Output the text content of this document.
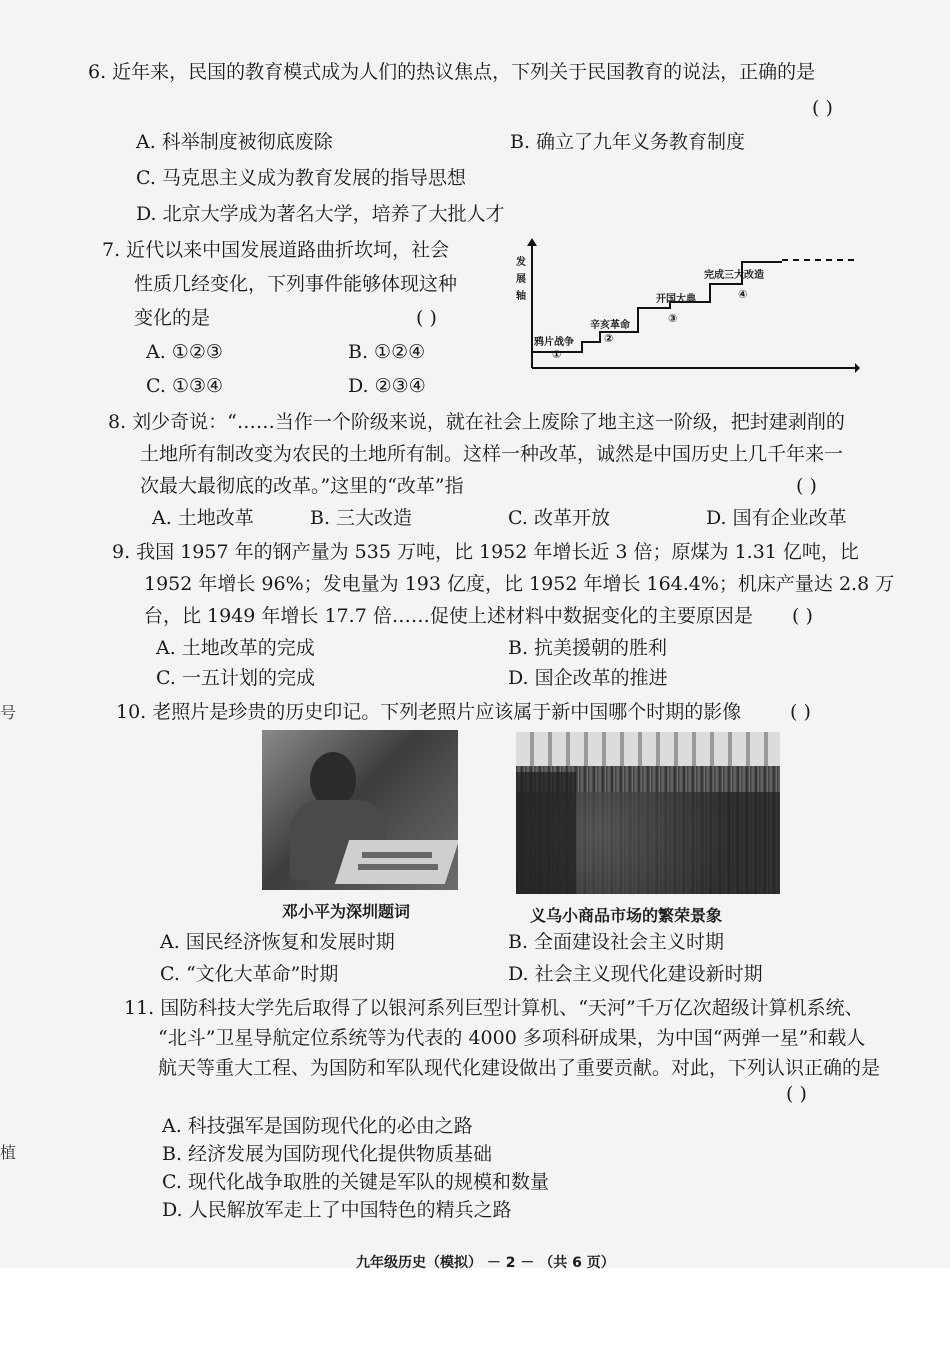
6. 近年来，民国的教育模式成为人们的热议焦点，下列关于民国教育的说法，正确的是
( )
A. 科举制度被彻底废除	B. 确立了九年义务教育制度
C. 马克思主义成为教育发展的指导思想
D. 北京大学成为著名大学，培养了大批人才
7. 近代以来中国发展道路曲折坎坷，社会
性质几经变化，下列事件能够体现这种
变化的是	( )
A. ①②③	B. ①②④
C. ①③④	D. ②③④
发展轴
鸦片战争
①
辛亥革命
②
开国大典
③
完成三大改造
④
8. 刘少奇说：“……当作一个阶级来说，就在社会上废除了地主这一阶级，把封建剥削的
土地所有制改变为农民的土地所有制。这样一种改革，诚然是中国历史上几千年来一
次最大最彻底的改革。”这里的“改革”指	( )
A. 土地改革	B. 三大改造	C. 改革开放	D. 国有企业改革
9. 我国 1957 年的钢产量为 535 万吨，比 1952 年增长近 3 倍；原煤为 1.31 亿吨，比
1952 年增长 96%；发电量为 193 亿度，比 1952 年增长 164.4%；机床产量达 2.8 万
台，比 1949 年增长 17.7 倍……促使上述材料中数据变化的主要原因是 ( )
A. 土地改革的完成	B. 抗美援朝的胜利
C. 一五计划的完成	D. 国企改革的推进
10. 老照片是珍贵的历史印记。下列老照片应该属于新中国哪个时期的影像	( )
邓小平为深圳题词	义乌小商品市场的繁荣景象
A. 国民经济恢复和发展时期	B. 全面建设社会主义时期
C. “文化大革命”时期	D. 社会主义现代化建设新时期
11. 国防科技大学先后取得了以银河系列巨型计算机、“天河”千万亿次超级计算机系统、
“北斗”卫星导航定位系统等为代表的 4000 多项科研成果，为中国“两弹一星”和载人
航天等重大工程、为国防和军队现代化建设做出了重要贡献。对此，下列认识正确的是
( )
A. 科技强军是国防现代化的必由之路
B. 经济发展为国防现代化提供物质基础
C. 现代化战争取胜的关键是军队的规模和数量
D. 人民解放军走上了中国特色的精兵之路
九年级历史（模拟） － 2 － （共 6 页）
号
植
